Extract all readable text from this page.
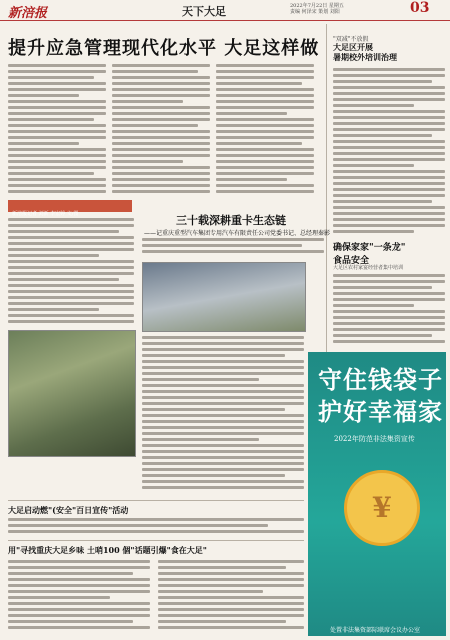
新涪报	天下大足	2022年7月22日 星期五
责编 何泽宋 策划 刘阳	03
提升应急管理现代化水平 大足这样做
新涪报记者 刘新 李宏婷 文/图
"双减"不放假
大足区开展
暑期校外培训治理
确保家家"一条龙"
食品安全
大足区农村家宴经营者集中培训
三十载深耕重卡生态链
——记重庆重型汽车集团专用汽车有限责任公司党委书记、总经理秦影
大足启动燃"(安全"百日宣传"活动
用"寻找重庆大足乡味 土哨100 個"话题引爆"食在大足"
守住钱袋子
护好幸福家
2022年防范非法集资宣传
¥
处置非法集资部际联席会议办公室
